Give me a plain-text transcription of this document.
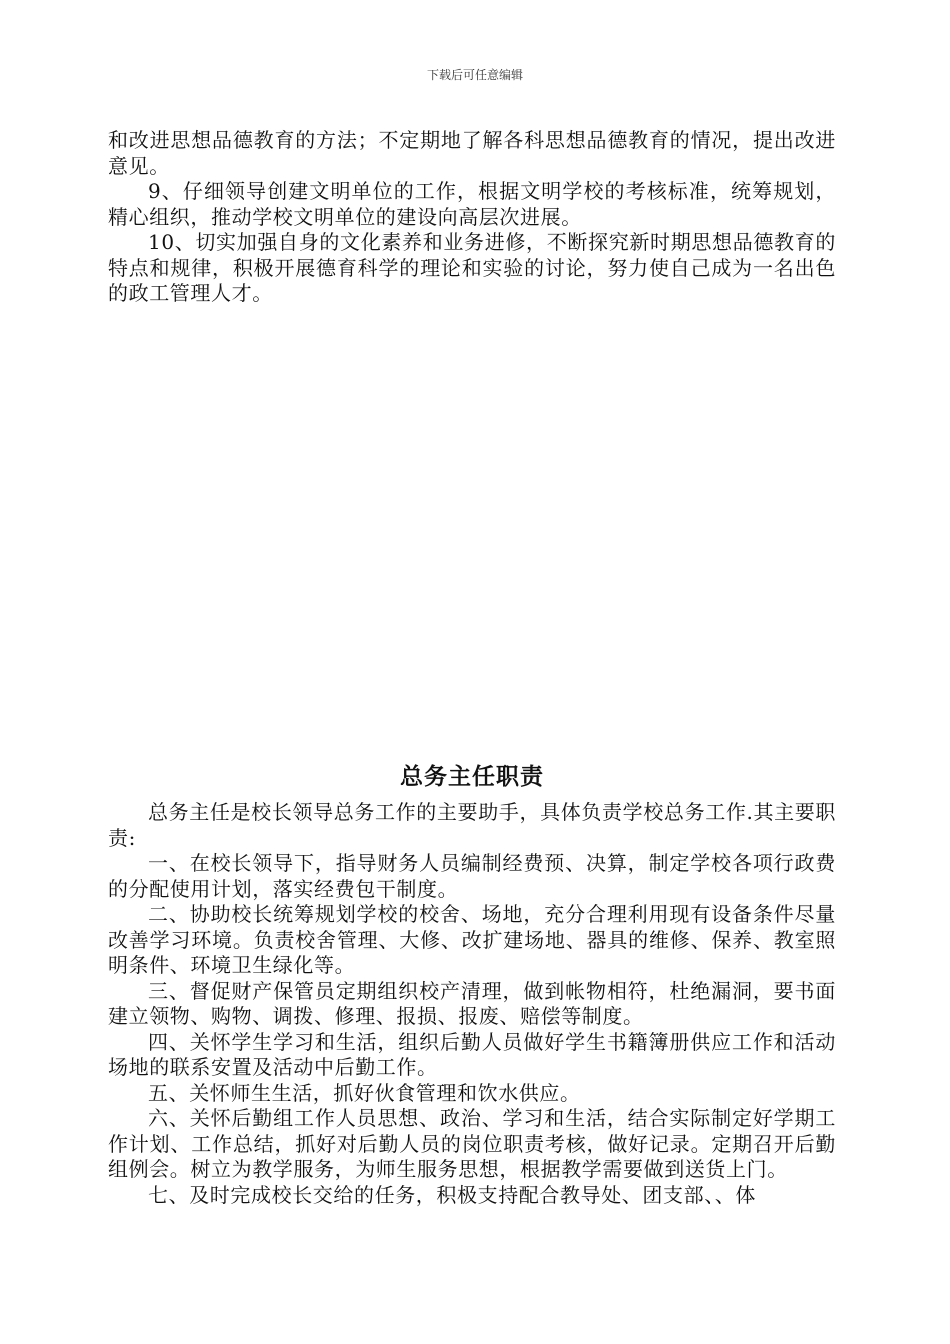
下载后可任意编辑

和改进思想品德教育的方法；不定期地了解各科思想品德教育的情况，提出改进意见。

9、仔细领导创建文明单位的工作，根据文明学校的考核标准，统筹规划，精心组织，推动学校文明单位的建设向高层次进展。

10、切实加强自身的文化素养和业务进修，不断探究新时期思想品德教育的特点和规律，积极开展德育科学的理论和实验的讨论，努力使自己成为一名出色的政工管理人才。

总务主任职责

总务主任是校长领导总务工作的主要助手，具体负责学校总务工作.其主要职责:

一、在校长领导下，指导财务人员编制经费预、决算，制定学校各项行政费的分配使用计划，落实经费包干制度。

二、协助校长统筹规划学校的校舍、场地，充分合理利用现有设备条件尽量改善学习环境。负责校舍管理、大修、改扩建场地、器具的维修、保养、教室照明条件、环境卫生绿化等。

三、督促财产保管员定期组织校产清理，做到帐物相符，杜绝漏洞，要书面建立领物、购物、调拨、修理、报损、报废、赔偿等制度。

四、关怀学生学习和生活，组织后勤人员做好学生书籍簿册供应工作和活动场地的联系安置及活动中后勤工作。

五、关怀师生生活，抓好伙食管理和饮水供应。

六、关怀后勤组工作人员思想、政治、学习和生活，结合实际制定好学期工作计划、工作总结，抓好对后勤人员的岗位职责考核，做好记录。定期召开后勤组例会。树立为教学服务，为师生服务思想，根据教学需要做到送货上门。

七、及时完成校长交给的任务，积极支持配合教导处、团支部、、体
